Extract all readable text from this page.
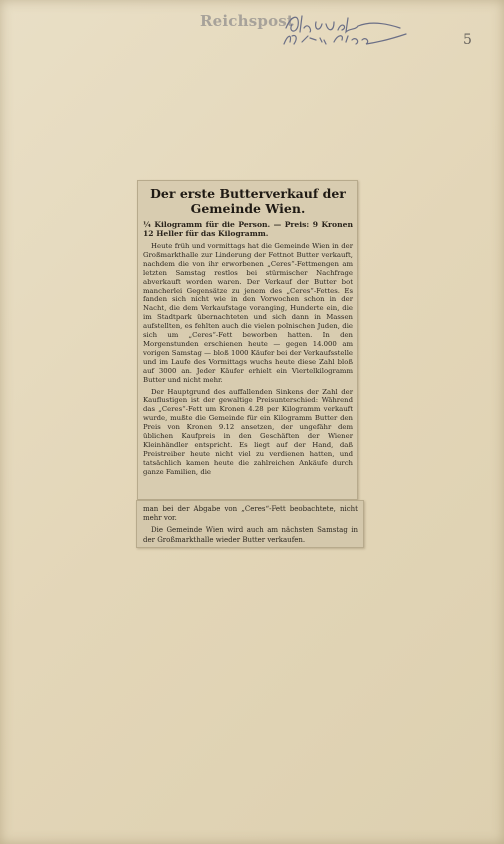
Reichspost
5
Der erste Butterverkauf der Gemeinde Wien.
¼ Kilogramm für die Person. — Preis: 9 Kronen 12 Heller für das Kilogramm.

Heute früh und vormittags hat die Gemeinde Wien in der Großmarkthalle zur Linderung der Fettnot Butter verkauft, nachdem die von ihr erworbenen „Ceres“-Fettmengen am letzten Samstag restlos bei stürmischer Nachfrage abverkauft worden waren. Der Verkauf der Butter bot mancherlei Gegensätze zu jenem des „Ceres“-Fettes. Es fanden sich nicht wie in den Vorwochen schon in der Nacht, die dem Verkaufstage voranging, Hunderte ein, die im Stadtpark übernachteten und sich dann in Massen aufstellten, es fehlten auch die vielen polnischen Juden, die sich um „Ceres“-Fett beworben hatten. In den Morgenstunden erschienen heute — gegen 14.000 am vorigen Samstag — bloß 1000 Käufer bei der Verkaufsstelle und im Laufe des Vormittags wuchs heute diese Zahl bloß auf 3000 an. Jeder Käufer erhielt ein Viertelkilogramm Butter und nicht mehr.

Der Hauptgrund des auffallenden Sinkens der Zahl der Kauflustigen ist der gewaltige Preisunterschied: Während das „Ceres“-Fett um Kronen 4.28 per Kilogramm verkauft wurde, mußte die Gemeinde für ein Kilogramm Butter den Preis von Kronen 9.12 ansetzen, der ungefähr dem üblichen Kaufpreis in den Geschäften der Wiener Kleinhändler entspricht. Es liegt auf der Hand, daß Preistreiber heute nicht viel zu verdienen hatten, und tatsächlich kamen heute die zahlreichen Ankäufe durch ganze Familien, die

man bei der Abgabe von „Ceres“-Fett beobachtete, nicht mehr vor.

Die Gemeinde Wien wird auch am nächsten Samstag in der Großmarkthalle wieder Butter verkaufen.
